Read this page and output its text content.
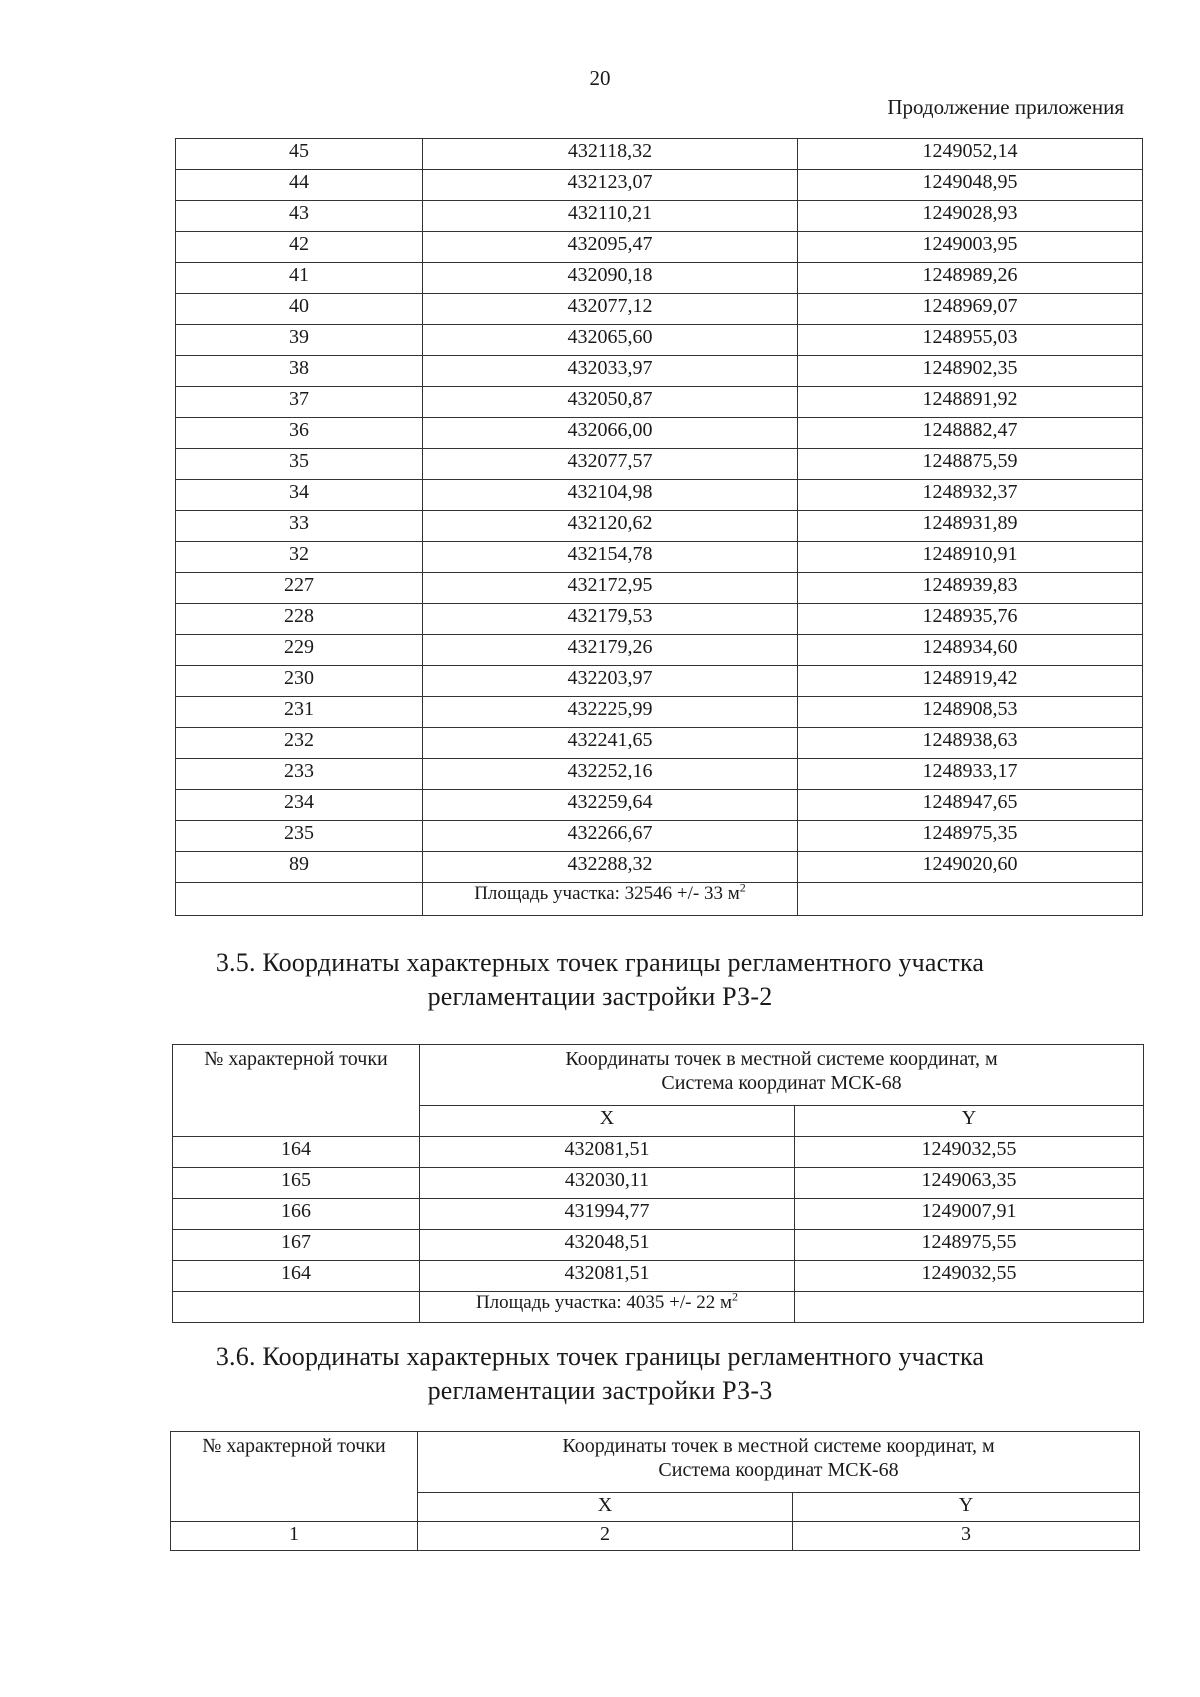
20
Продолжение приложения
45	432118,32	1249052,14
44	432123,07	1249048,95
43	432110,21	1249028,93
42	432095,47	1249003,95
41	432090,18	1248989,26
40	432077,12	1248969,07
39	432065,60	1248955,03
38	432033,97	1248902,35
37	432050,87	1248891,92
36	432066,00	1248882,47
35	432077,57	1248875,59
34	432104,98	1248932,37
33	432120,62	1248931,89
32	432154,78	1248910,91
227	432172,95	1248939,83
228	432179,53	1248935,76
229	432179,26	1248934,60
230	432203,97	1248919,42
231	432225,99	1248908,53
232	432241,65	1248938,63
233	432252,16	1248933,17
234	432259,64	1248947,65
235	432266,67	1248975,35
89	432288,32	1249020,60
	Площадь участка: 32546 +/- 33 $м^2$	
3.5. Координаты характерных точек границы регламентного участка
регламентации застройки РЗ-2
№ характерной точки	Координаты точек в местной системе координат, м
Система координат МСК-68	

	X	Y
164	432081,51	1249032,55
165	432030,11	1249063,35
166	431994,77	1249007,91
167	432048,51	1248975,55
164	432081,51	1249032,55
	Площадь участка: 4035 +/- 22 $м^2$	
3.6. Координаты характерных точек границы регламентного участка
регламентации застройки РЗ-3
№ характерной точки	Координаты точек в местной системе координат, м
Система координат МСК-68	

	X	Y
1	2	3
